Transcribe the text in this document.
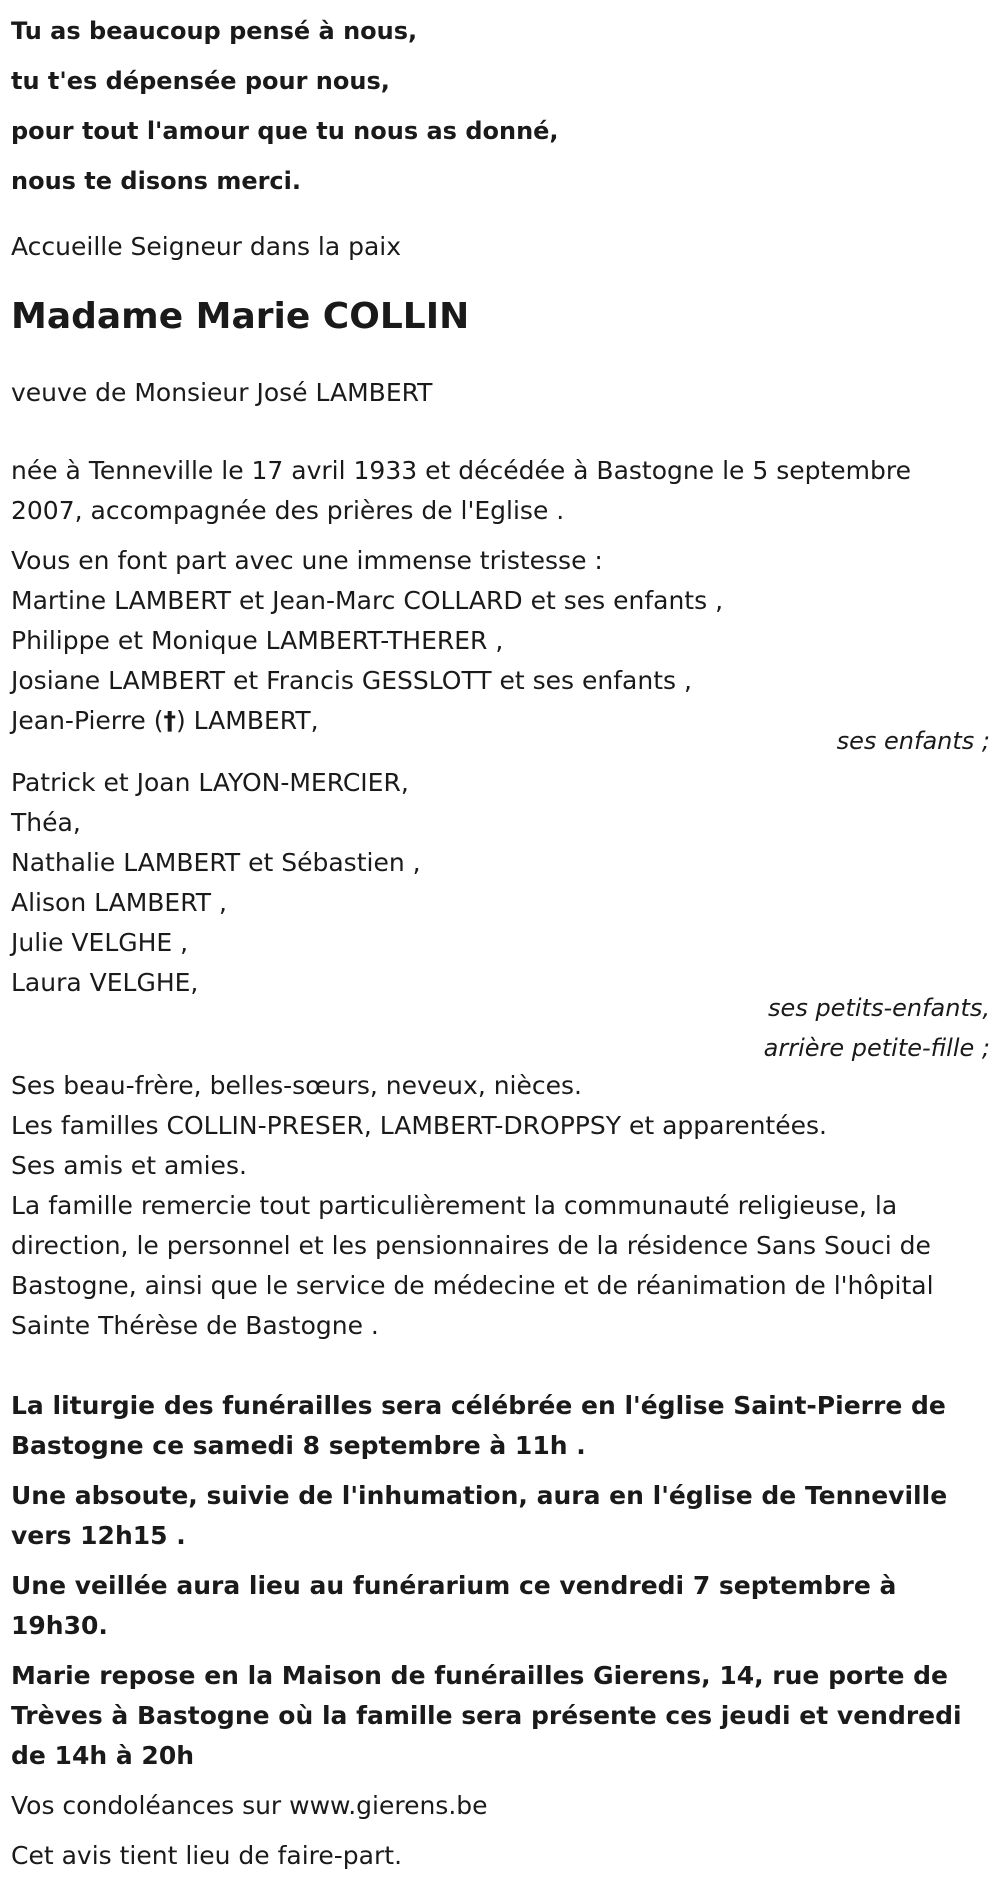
Tu as beaucoup pensé à nous,
tu t'es dépensée pour nous,
pour tout l'amour que tu nous as donné,
nous te disons merci.
Accueille Seigneur dans la paix
Madame Marie COLLIN
veuve de Monsieur José LAMBERT
née à Tenneville le 17 avril 1933 et décédée à Bastogne le 5 septembre 2007, accompagnée des prières de l'Eglise .
Vous en font part avec une immense tristesse :
Martine LAMBERT et Jean-Marc COLLARD et ses enfants ,
Philippe et Monique LAMBERT-THERER ,
Josiane LAMBERT et Francis GESSLOTT et ses enfants ,
Jean-Pierre (†) LAMBERT,
ses enfants ;
Patrick et Joan LAYON-MERCIER,
Théa,
Nathalie LAMBERT et Sébastien ,
Alison LAMBERT ,
Julie VELGHE ,
Laura VELGHE,
ses petits-enfants,
arrière petite-fille ;
Ses beau-frère, belles-sœurs, neveux, nièces.
Les familles COLLIN-PRESER, LAMBERT-DROPPSY et apparentées.
Ses amis et amies.
La famille remercie tout particulièrement la communauté religieuse, la direction, le personnel et les pensionnaires de la résidence Sans Souci de Bastogne, ainsi que le service de médecine et de réanimation de l'hôpital Sainte Thérèse de Bastogne .
La liturgie des funérailles sera célébrée en l'église Saint-Pierre de Bastogne ce samedi 8 septembre à 11h .
Une absoute, suivie de l'inhumation, aura en l'église de Tenneville vers 12h15 .
Une veillée aura lieu au funérarium ce vendredi 7 septembre à 19h30.
Marie repose en la Maison de funérailles Gierens, 14, rue porte de Trèves à Bastogne où la famille sera présente ces jeudi et vendredi de 14h à 20h
Vos condoléances sur www.gierens.be
Cet avis tient lieu de faire-part.
